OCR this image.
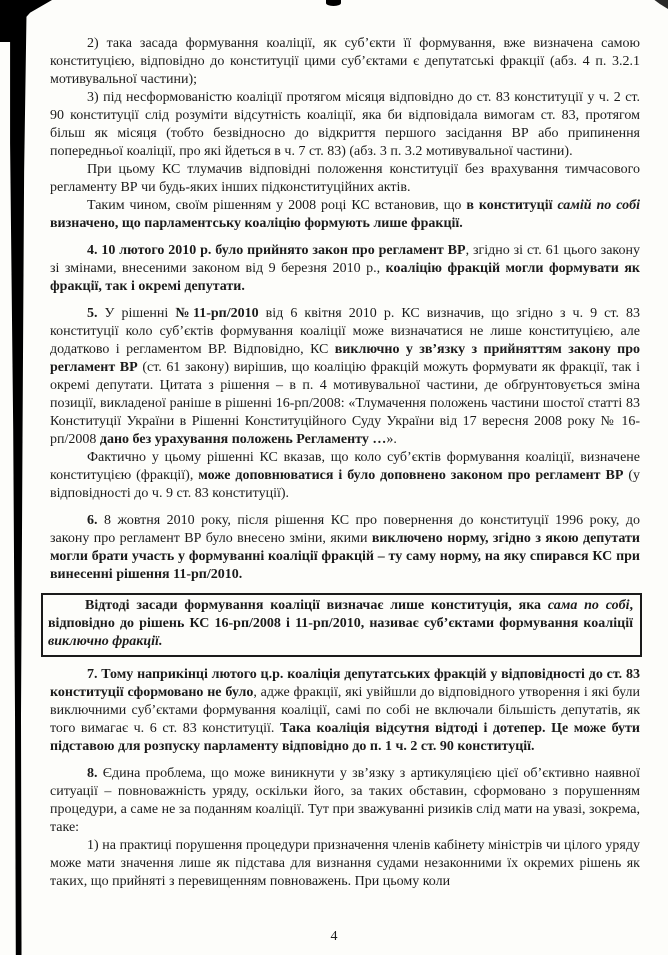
2) така засада формування коаліції, як суб’єкти її формування, вже визначена самою конституцією, відповідно до конституції цими суб’єктами є депутатські фракції (абз. 4 п. 3.2.1 мотивувальної частини);

3) під несформованістю коаліції протягом місяця відповідно до ст. 83 конституції у ч. 2 ст. 90 конституції слід розуміти відсутність коаліції, яка би відповідала вимогам ст. 83, протягом більш як місяця (тобто безвідносно до відкриття першого засідання ВР або припинення попередньої коаліції, про які йдеться в ч. 7 ст. 83) (абз. 3 п. 3.2 мотивувальної частини).

При цьому КС тлумачив відповідні положення конституції без врахування тимчасового регламенту ВР чи будь-яких інших підконституційних актів.

Таким чином, своїм рішенням у 2008 році КС встановив, що в конституції самій по собі визначено, що парламентську коаліцію формують лише фракції.

4. 10 лютого 2010 р. було прийнято закон про регламент ВР, згідно зі ст. 61 цього закону зі змінами, внесеними законом від 9 березня 2010 р., коаліцію фракцій могли формувати як фракції, так і окремі депутати.

5. У рішенні №11-рп/2010 від 6 квітня 2010 р. КС визначив, що згідно з ч. 9 ст. 83 конституції коло суб’єктів формування коаліції може визначатися не лише конституцією, але додатково і регламентом ВР. Відповідно, КС виключно у зв’язку з прийняттям закону про регламент ВР (ст. 61 закону) вирішив, що коаліцію фракцій можуть формувати як фракції, так і окремі депутати. Цитата з рішення – в п. 4 мотивувальної частини, де обґрунтовується зміна позиції, викладеної раніше в рішенні 16-рп/2008: «Тлумачення положень частини шостої статті 83 Конституції України в Рішенні Конституційного Суду України від 17 вересня 2008 року № 16-рп/2008 дано без урахування положень Регламенту …».

Фактично у цьому рішенні КС вказав, що коло суб’єктів формування коаліції, визначене конституцією (фракції), може доповнюватися і було доповнено законом про регламент ВР (у відповідності до ч. 9 ст. 83 конституції).

6. 8 жовтня 2010 року, після рішення КС про повернення до конституції 1996 року, до закону про регламент ВР було внесено зміни, якими виключено норму, згідно з якою депутати могли брати участь у формуванні коаліції фракцій – ту саму норму, на яку спирався КС при винесенні рішення 11-рп/2010.

Відтоді засади формування коаліції визначає лише конституція, яка сама по собі, відповідно до рішень КС 16-рп/2008 і 11-рп/2010, називає суб’єктами формування коаліції виключно фракції.

7. Тому наприкінці лютого ц.р. коаліція депутатських фракцій у відповідності до ст. 83 конституції сформовано не було, адже фракції, які увійшли до відповідного утворення і які були виключними суб’єктами формування коаліції, самі по собі не включали більшість депутатів, як того вимагає ч. 6 ст. 83 конституції. Така коаліція відсутня відтоді і дотепер. Це може бути підставою для розпуску парламенту відповідно до п. 1 ч. 2 ст. 90 конституції.

8. Єдина проблема, що може виникнути у зв’язку з артикуляцією цієї об’єктивно наявної ситуації – повноважність уряду, оскільки його, за таких обставин, сформовано з порушенням процедури, а саме не за поданням коаліції. Тут при зважуванні ризиків слід мати на увазі, зокрема, таке:

1) на практиці порушення процедури призначення членів кабінету міністрів чи цілого уряду може мати значення лише як підстава для визнання судами незаконними їх окремих рішень як таких, що прийняті з перевищенням повноважень. При цьому коли

4
